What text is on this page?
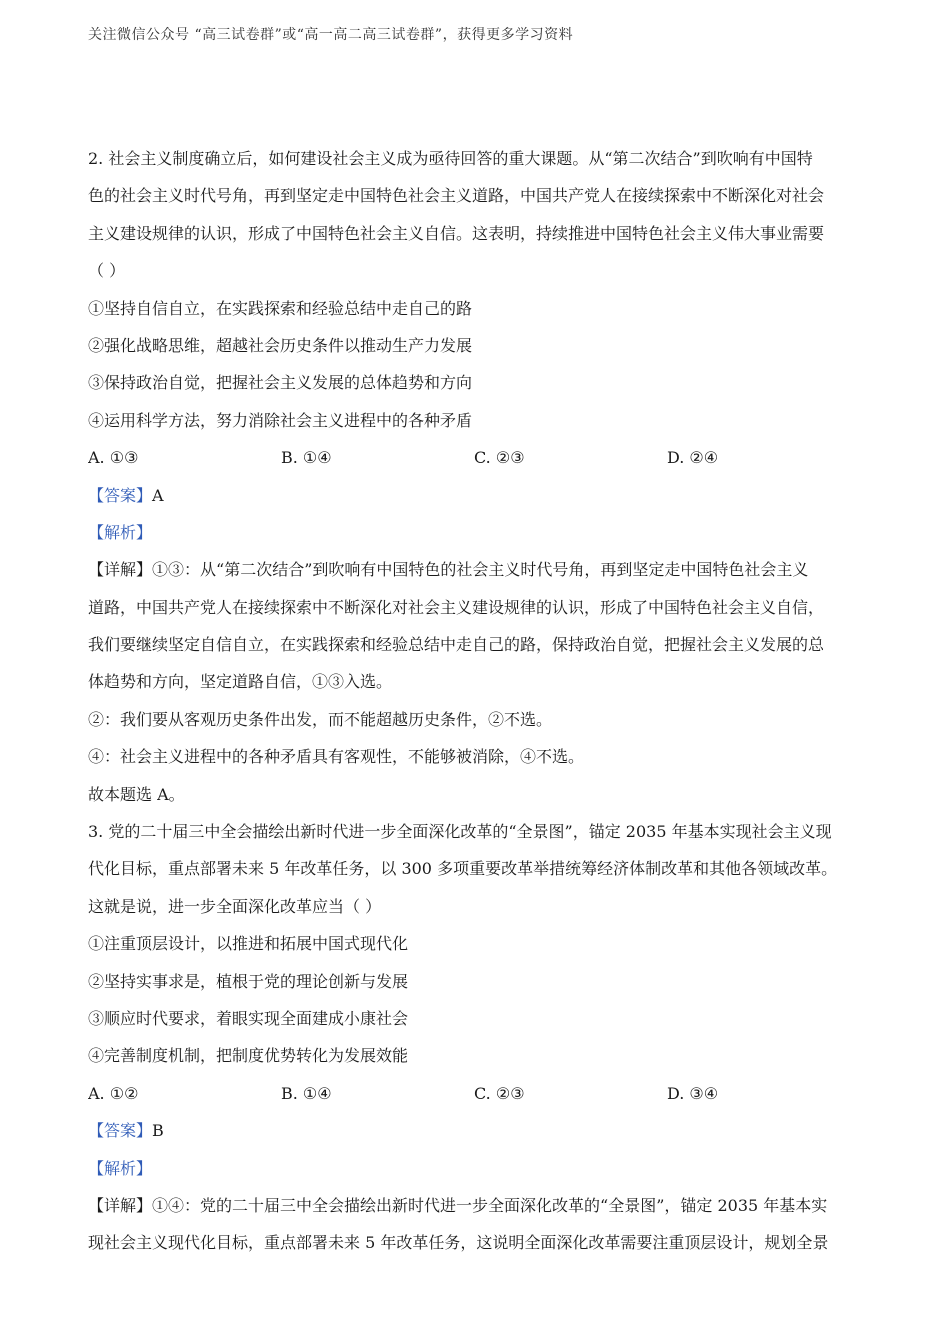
关注微信公众号 “高三试卷群”或“高一高二高三试卷群”，获得更多学习资料
2. 社会主义制度确立后，如何建设社会主义成为亟待回答的重大课题。从“第二次结合”到吹响有中国特
色的社会主义时代号角，再到坚定走中国特色社会主义道路，中国共产党人在接续探索中不断深化对社会
主义建设规律的认识，形成了中国特色社会主义自信。这表明，持续推进中国特色社会主义伟大事业需要
（ ）
①坚持自信自立，在实践探索和经验总结中走自己的路
②强化战略思维，超越社会历史条件以推动生产力发展
③保持政治自觉，把握社会主义发展的总体趋势和方向
④运用科学方法，努力消除社会主义进程中的各种矛盾
A. ①③	B. ①④	C. ②③	D. ②④
【答案】A
【解析】
【详解】①③：从“第二次结合”到吹响有中国特色的社会主义时代号角，再到坚定走中国特色社会主义
道路，中国共产党人在接续探索中不断深化对社会主义建设规律的认识，形成了中国特色社会主义自信，
我们要继续坚定自信自立，在实践探索和经验总结中走自己的路，保持政治自觉，把握社会主义发展的总
体趋势和方向，坚定道路自信，①③入选。
②：我们要从客观历史条件出发，而不能超越历史条件，②不选。
④：社会主义进程中的各种矛盾具有客观性，不能够被消除，④不选。
故本题选 A。
3. 党的二十届三中全会描绘出新时代进一步全面深化改革的“全景图”，锚定 2035 年基本实现社会主义现
代化目标，重点部署未来 5 年改革任务，以 300 多项重要改革举措统筹经济体制改革和其他各领域改革。
这就是说，进一步全面深化改革应当（ ）
①注重顶层设计，以推进和拓展中国式现代化
②坚持实事求是，植根于党的理论创新与发展
③顺应时代要求，着眼实现全面建成小康社会
④完善制度机制，把制度优势转化为发展效能
A. ①②	B. ①④	C. ②③	D. ③④
【答案】B
【解析】
【详解】①④：党的二十届三中全会描绘出新时代进一步全面深化改革的“全景图”，锚定 2035 年基本实
现社会主义现代化目标，重点部署未来 5 年改革任务，这说明全面深化改革需要注重顶层设计，规划全景
